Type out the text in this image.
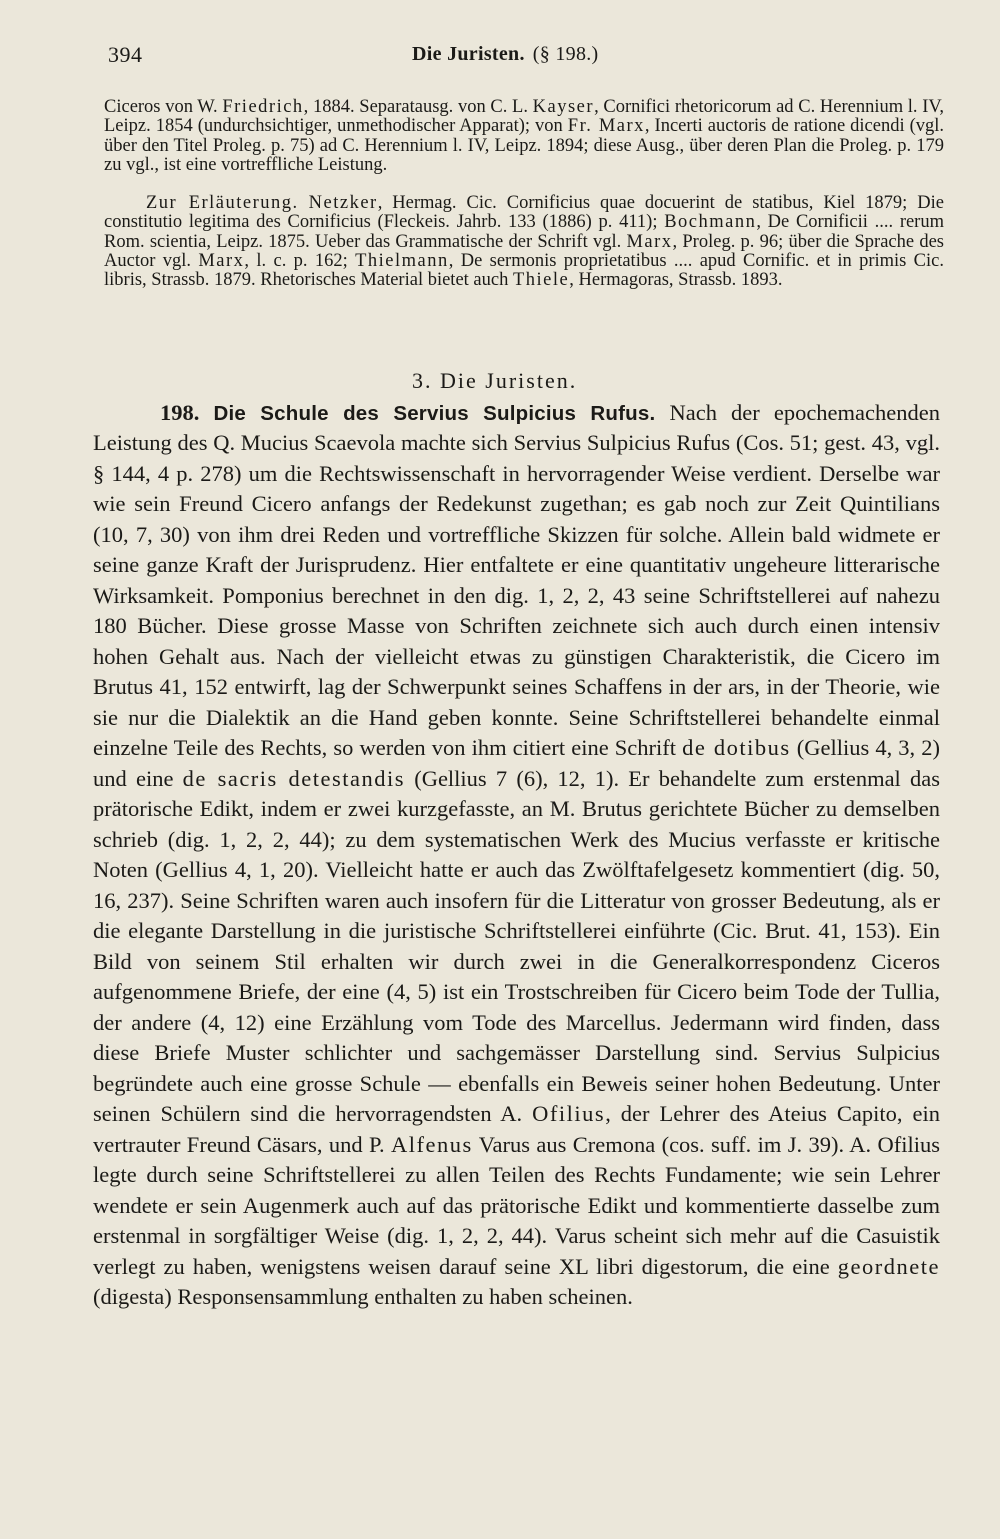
394	Die Juristen. (§ 198.)

Ciceros von W. Friedrich, 1884. Separatausg. von C. L. Kayser, Cornifici rhetoricorum ad C. Herennium l. IV, Leipz. 1854 (undurchsichtiger, unmethodischer Apparat); von Fr. Marx, Incerti auctoris de ratione dicendi (vgl. über den Titel Proleg. p. 75) ad C. Herennium l. IV, Leipz. 1894; diese Ausg., über deren Plan die Proleg. p. 179 zu vgl., ist eine vortreffliche Leistung.

Zur Erläuterung. Netzker, Hermag. Cic. Cornificius quae docuerint de statibus, Kiel 1879; Die constitutio legitima des Cornificius (Fleckeis. Jahrb. 133 (1886) p. 411); Bochmann, De Cornificii .... rerum Rom. scientia, Leipz. 1875. Ueber das Grammatische der Schrift vgl. Marx, Proleg. p. 96; über die Sprache des Auctor vgl. Marx, l. c. p. 162; Thielmann, De sermonis proprietatibus .... apud Cornific. et in primis Cic. libris, Strassb. 1879. Rhetorisches Material bietet auch Thiele, Hermagoras, Strassb. 1893.

3. Die Juristen.

198. Die Schule des Servius Sulpicius Rufus. Nach der epochemachenden Leistung des Q. Mucius Scaevola machte sich Servius Sulpicius Rufus (Cos. 51; gest. 43, vgl. § 144, 4 p. 278) um die Rechtswissenschaft in hervorragender Weise verdient. Derselbe war wie sein Freund Cicero anfangs der Redekunst zugethan; es gab noch zur Zeit Quintilians (10, 7, 30) von ihm drei Reden und vortreffliche Skizzen für solche. Allein bald widmete er seine ganze Kraft der Jurisprudenz. Hier entfaltete er eine quantitativ ungeheure litterarische Wirksamkeit. Pomponius berechnet in den dig. 1, 2, 2, 43 seine Schriftstellerei auf nahezu 180 Bücher. Diese grosse Masse von Schriften zeichnete sich auch durch einen intensiv hohen Gehalt aus. Nach der vielleicht etwas zu günstigen Charakteristik, die Cicero im Brutus 41, 152 entwirft, lag der Schwerpunkt seines Schaffens in der ars, in der Theorie, wie sie nur die Dialektik an die Hand geben konnte. Seine Schriftstellerei behandelte einmal einzelne Teile des Rechts, so werden von ihm citiert eine Schrift de dotibus (Gellius 4, 3, 2) und eine de sacris detestandis (Gellius 7 (6), 12, 1). Er behandelte zum erstenmal das prätorische Edikt, indem er zwei kurzgefasste, an M. Brutus gerichtete Bücher zu demselben schrieb (dig. 1, 2, 2, 44); zu dem systematischen Werk des Mucius verfasste er kritische Noten (Gellius 4, 1, 20). Vielleicht hatte er auch das Zwölftafelgesetz kommentiert (dig. 50, 16, 237). Seine Schriften waren auch insofern für die Litteratur von grosser Bedeutung, als er die elegante Darstellung in die juristische Schriftstellerei einführte (Cic. Brut. 41, 153). Ein Bild von seinem Stil erhalten wir durch zwei in die Generalkorrespondenz Ciceros aufgenommene Briefe, der eine (4, 5) ist ein Trostschreiben für Cicero beim Tode der Tullia, der andere (4, 12) eine Erzählung vom Tode des Marcellus. Jedermann wird finden, dass diese Briefe Muster schlichter und sachgemässer Darstellung sind. Servius Sulpicius begründete auch eine grosse Schule — ebenfalls ein Beweis seiner hohen Bedeutung. Unter seinen Schülern sind die hervorragendsten A. Ofilius, der Lehrer des Ateius Capito, ein vertrauter Freund Cäsars, und P. Alfenus Varus aus Cremona (cos. suff. im J. 39). A. Ofilius legte durch seine Schriftstellerei zu allen Teilen des Rechts Fundamente; wie sein Lehrer wendete er sein Augenmerk auch auf das prätorische Edikt und kommentierte dasselbe zum erstenmal in sorgfältiger Weise (dig. 1, 2, 2, 44). Varus scheint sich mehr auf die Casuistik verlegt zu haben, wenigstens weisen darauf seine XL libri digestorum, die eine geordnete (digesta) Responsensammlung enthalten zu haben scheinen.
